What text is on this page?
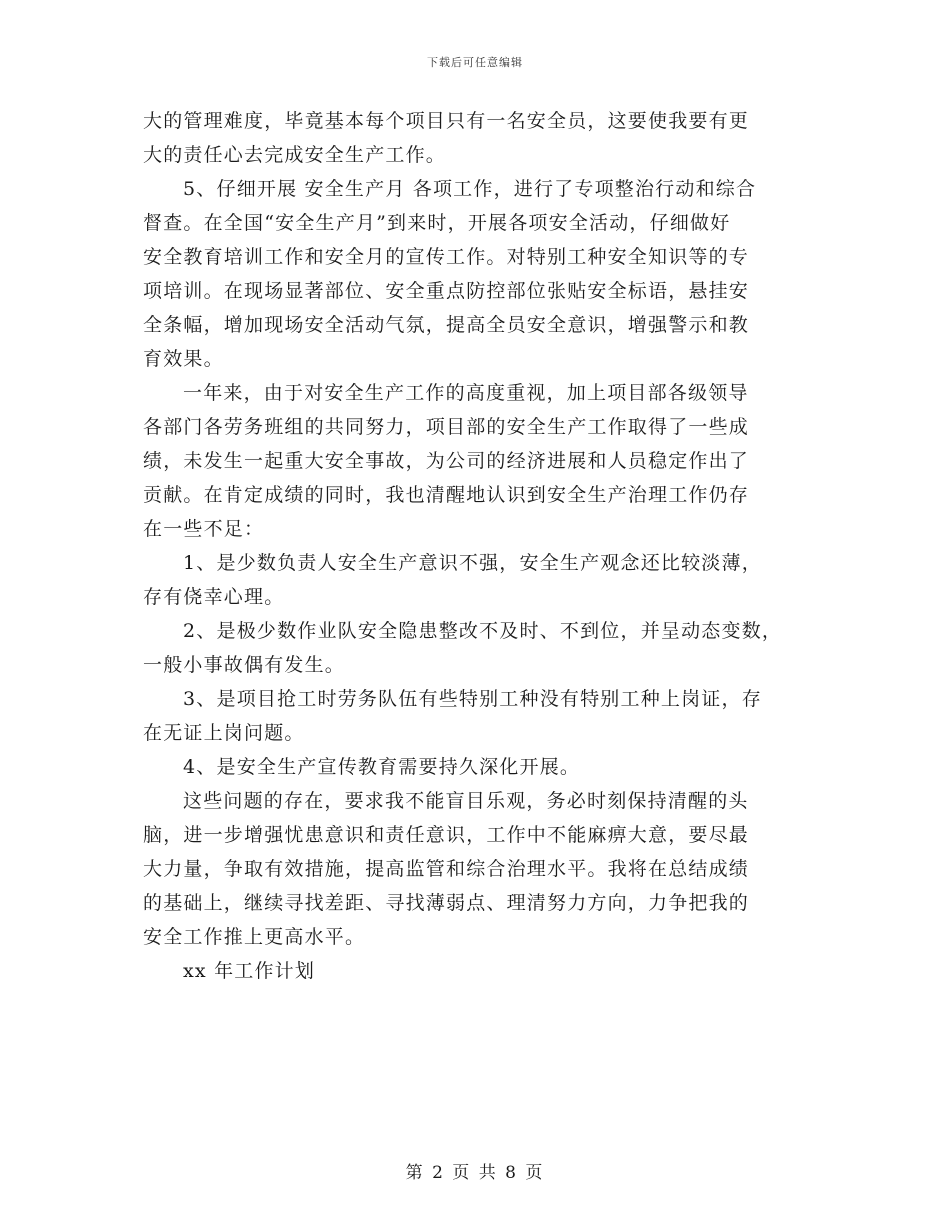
下载后可任意编辑
大的管理难度，毕竟基本每个项目只有一名安全员，这要使我要有更
大的责任心去完成安全生产工作。
5、仔细开展 安全生产月 各项工作，进行了专项整治行动和综合
督查。在全国“安全生产月”到来时，开展各项安全活动，仔细做好
安全教育培训工作和安全月的宣传工作。对特别工种安全知识等的专
项培训。在现场显著部位、安全重点防控部位张贴安全标语，悬挂安
全条幅，增加现场安全活动气氛，提高全员安全意识，增强警示和教
育效果。
一年来，由于对安全生产工作的高度重视，加上项目部各级领导
各部门各劳务班组的共同努力，项目部的安全生产工作取得了一些成
绩，未发生一起重大安全事故，为公司的经济进展和人员稳定作出了
贡献。在肯定成绩的同时，我也清醒地认识到安全生产治理工作仍存
在一些不足：
1、是少数负责人安全生产意识不强，安全生产观念还比较淡薄，
存有侥幸心理。
2、是极少数作业队安全隐患整改不及时、不到位，并呈动态变数，
一般小事故偶有发生。
3、是项目抢工时劳务队伍有些特别工种没有特别工种上岗证，存
在无证上岗问题。
4、是安全生产宣传教育需要持久深化开展。
这些问题的存在，要求我不能盲目乐观，务必时刻保持清醒的头
脑，进一步增强忧患意识和责任意识，工作中不能麻痹大意，要尽最
大力量，争取有效措施，提高监管和综合治理水平。我将在总结成绩
的基础上，继续寻找差距、寻找薄弱点、理清努力方向，力争把我的
安全工作推上更高水平。
xx 年工作计划
第 2 页 共 8 页
